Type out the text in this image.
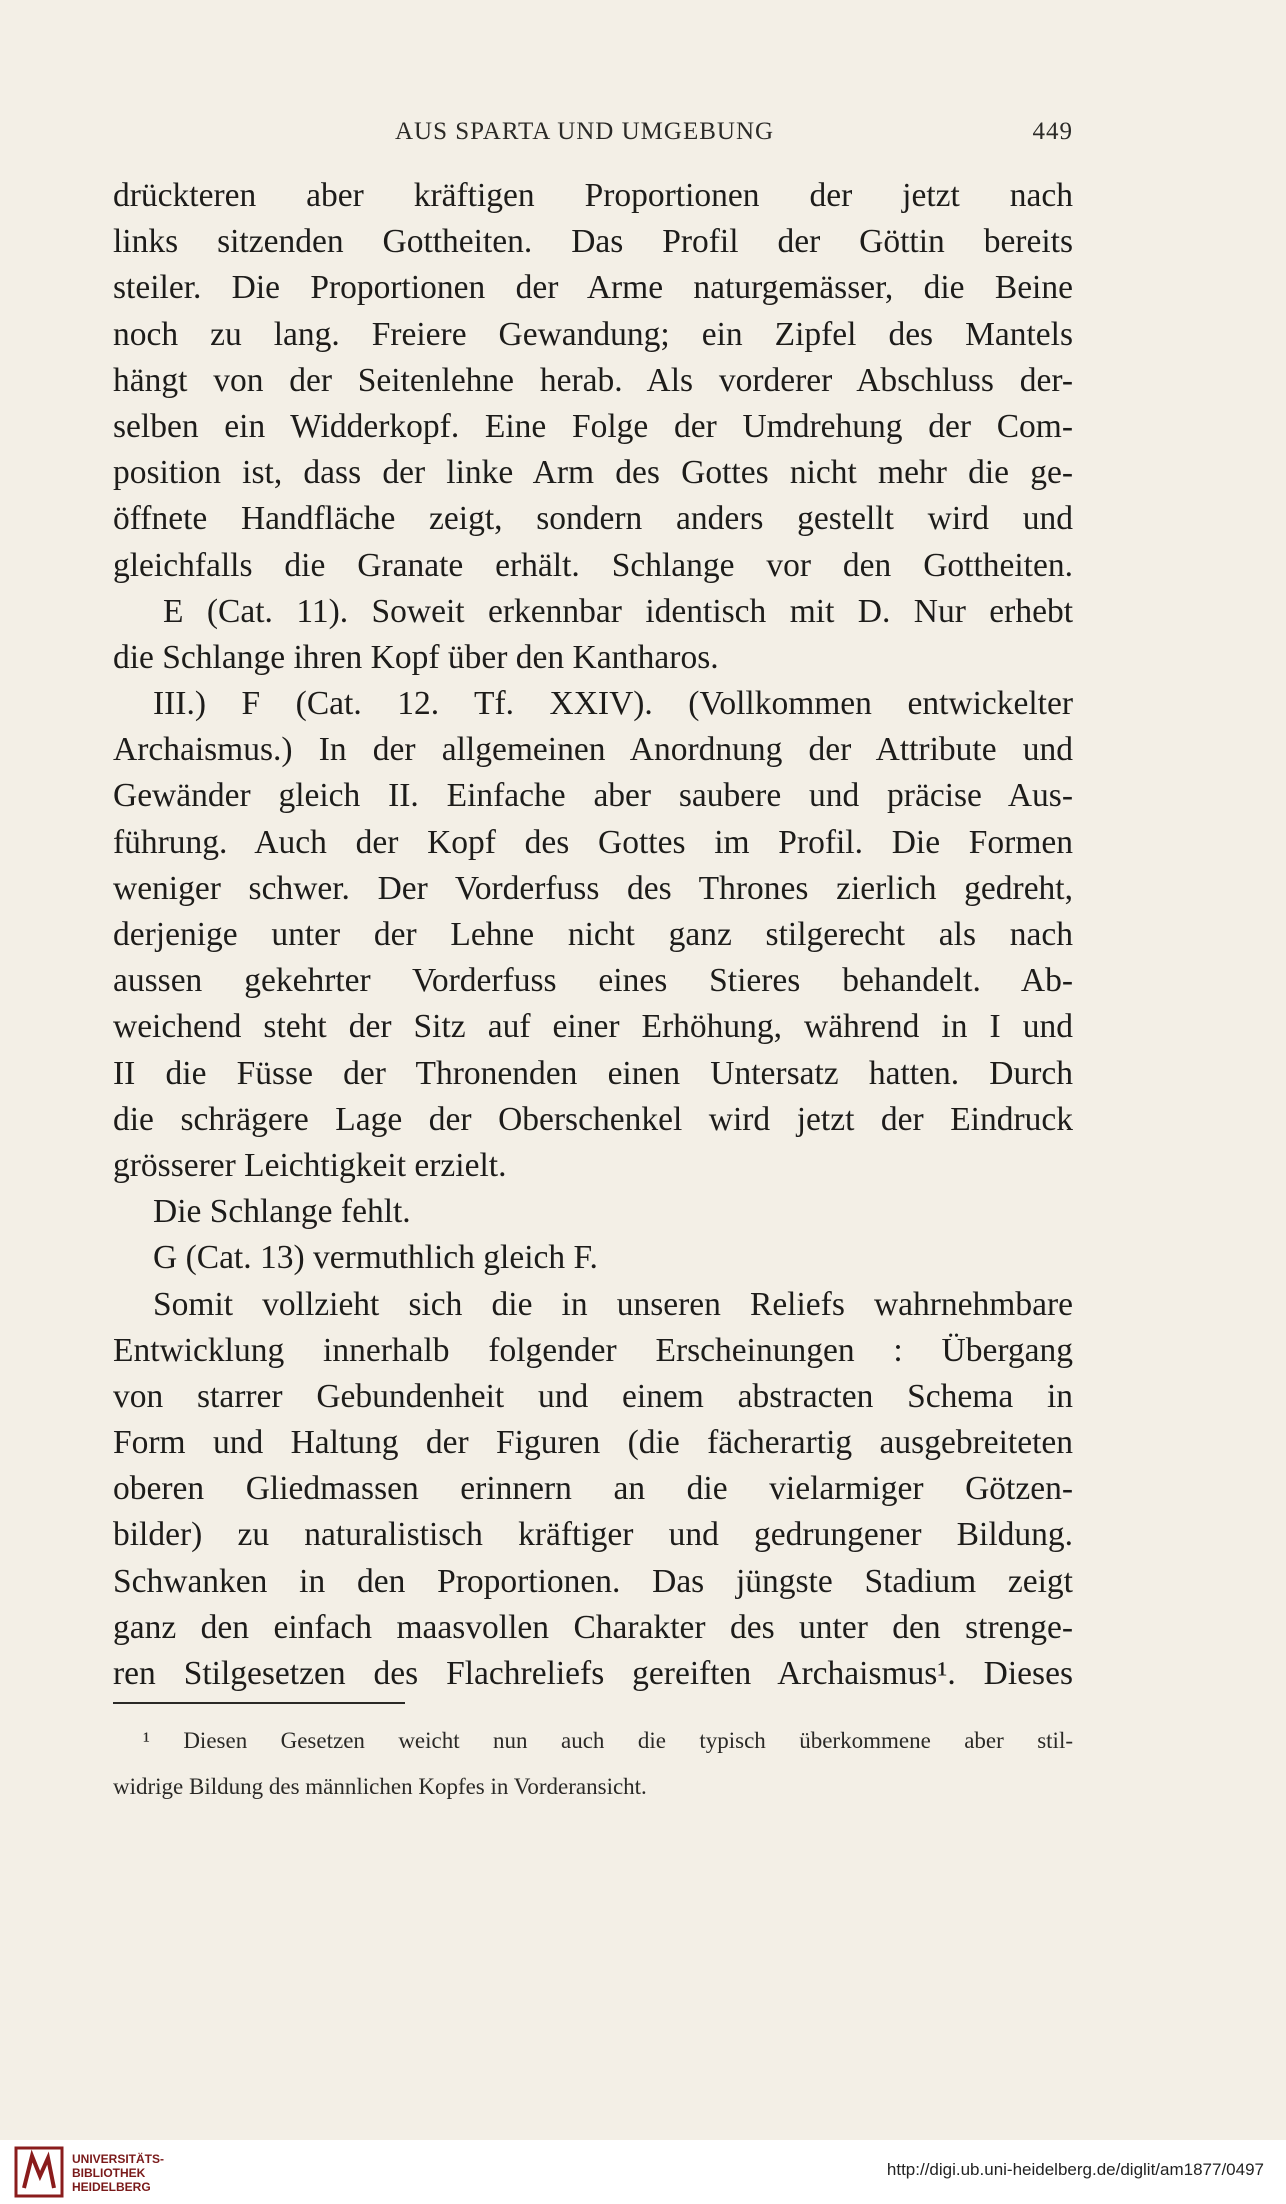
AUS SPARTA UND UMGEBUNG	449
drückteren aber kräftigen Proportionen der jetzt nach
links sitzenden Gottheiten. Das Profil der Göttin bereits
steiler. Die Proportionen der Arme naturgemässer, die Beine
noch zu lang. Freiere Gewandung; ein Zipfel des Mantels
hängt von der Seitenlehne herab. Als vorderer Abschluss der-
selben ein Widderkopf. Eine Folge der Umdrehung der Com-
position ist, dass der linke Arm des Gottes nicht mehr die ge-
öffnete Handfläche zeigt, sondern anders gestellt wird und
gleichfalls die Granate erhält. Schlange vor den Gottheiten.
E (Cat. 11). Soweit erkennbar identisch mit D. Nur erhebt
die Schlange ihren Kopf über den Kantharos.
III.) F (Cat. 12. Tf. XXIV). (Vollkommen entwickelter
Archaismus.) In der allgemeinen Anordnung der Attribute und
Gewänder gleich II. Einfache aber saubere und präcise Aus-
führung. Auch der Kopf des Gottes im Profil. Die Formen
weniger schwer. Der Vorderfuss des Thrones zierlich gedreht,
derjenige unter der Lehne nicht ganz stilgerecht als nach
aussen gekehrter Vorderfuss eines Stieres behandelt. Ab-
weichend steht der Sitz auf einer Erhöhung, während in I und
II die Füsse der Thronenden einen Untersatz hatten. Durch
die schrägere Lage der Oberschenkel wird jetzt der Eindruck
grösserer Leichtigkeit erzielt.
Die Schlange fehlt.
G (Cat. 13) vermuthlich gleich F.
Somit vollzieht sich die in unseren Reliefs wahrnehmbare
Entwicklung innerhalb folgender Erscheinungen : Übergang
von starrer Gebundenheit und einem abstracten Schema in
Form und Haltung der Figuren (die fächerartig ausgebreiteten
oberen Gliedmassen erinnern an die vielarmiger Götzen-
bilder) zu naturalistisch kräftiger und gedrungener Bildung.
Schwanken in den Proportionen. Das jüngste Stadium zeigt
ganz den einfach maasvollen Charakter des unter den strenge-
ren Stilgesetzen des Flachreliefs gereiften Archaismus¹. Dieses
¹ Diesen Gesetzen weicht nun auch die typisch überkommene aber stil-
widrige Bildung des männlichen Kopfes in Vorderansicht.
UNIVERSITÄTS-
BIBLIOTHEK
HEIDELBERG
http://digi.ub.uni-heidelberg.de/diglit/am1877/0497
